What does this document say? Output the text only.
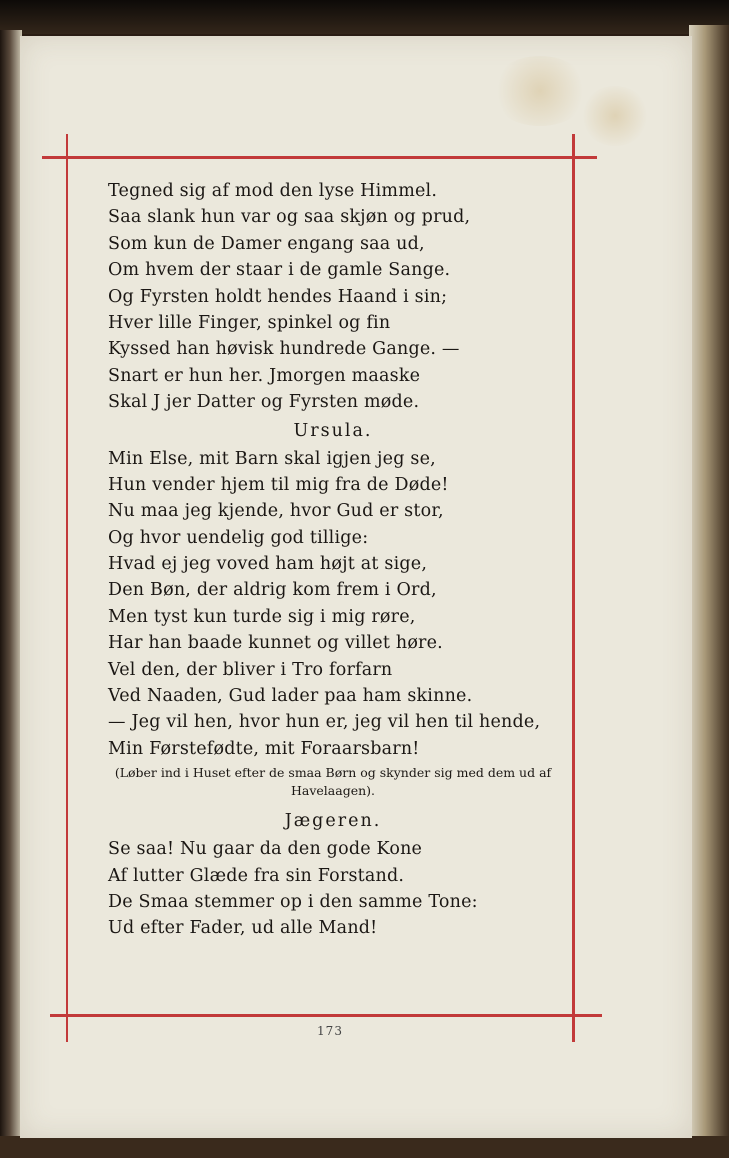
Tegned sig af mod den lyse Himmel.
Saa slank hun var og saa skjøn og prud,
Som kun de Damer engang saa ud,
Om hvem der staar i de gamle Sange.
Og Fyrsten holdt hendes Haand i sin;
Hver lille Finger, spinkel og fin
Kyssed han høvisk hundrede Gange. —
Snart er hun her. Jmorgen maaske
Skal J jer Datter og Fyrsten møde.
Ursula.
Min Else, mit Barn skal igjen jeg se,
Hun vender hjem til mig fra de Døde!
Nu maa jeg kjende, hvor Gud er stor,
Og hvor uendelig god tillige:
Hvad ej jeg voved ham højt at sige,
Den Bøn, der aldrig kom frem i Ord,
Men tyst kun turde sig i mig røre,
Har han baade kunnet og villet høre.
Vel den, der bliver i Tro forfarn
Ved Naaden, Gud lader paa ham skinne.
— Jeg vil hen, hvor hun er, jeg vil hen til hende,
Min Førstefødte, mit Foraarsbarn!
(Løber ind i Huset efter de smaa Børn og skynder sig med dem ud af Havelaagen).
Jægeren.
Se saa! Nu gaar da den gode Kone
Af lutter Glæde fra sin Forstand.
De Smaa stemmer op i den samme Tone:
Ud efter Fader, ud alle Mand!
173
